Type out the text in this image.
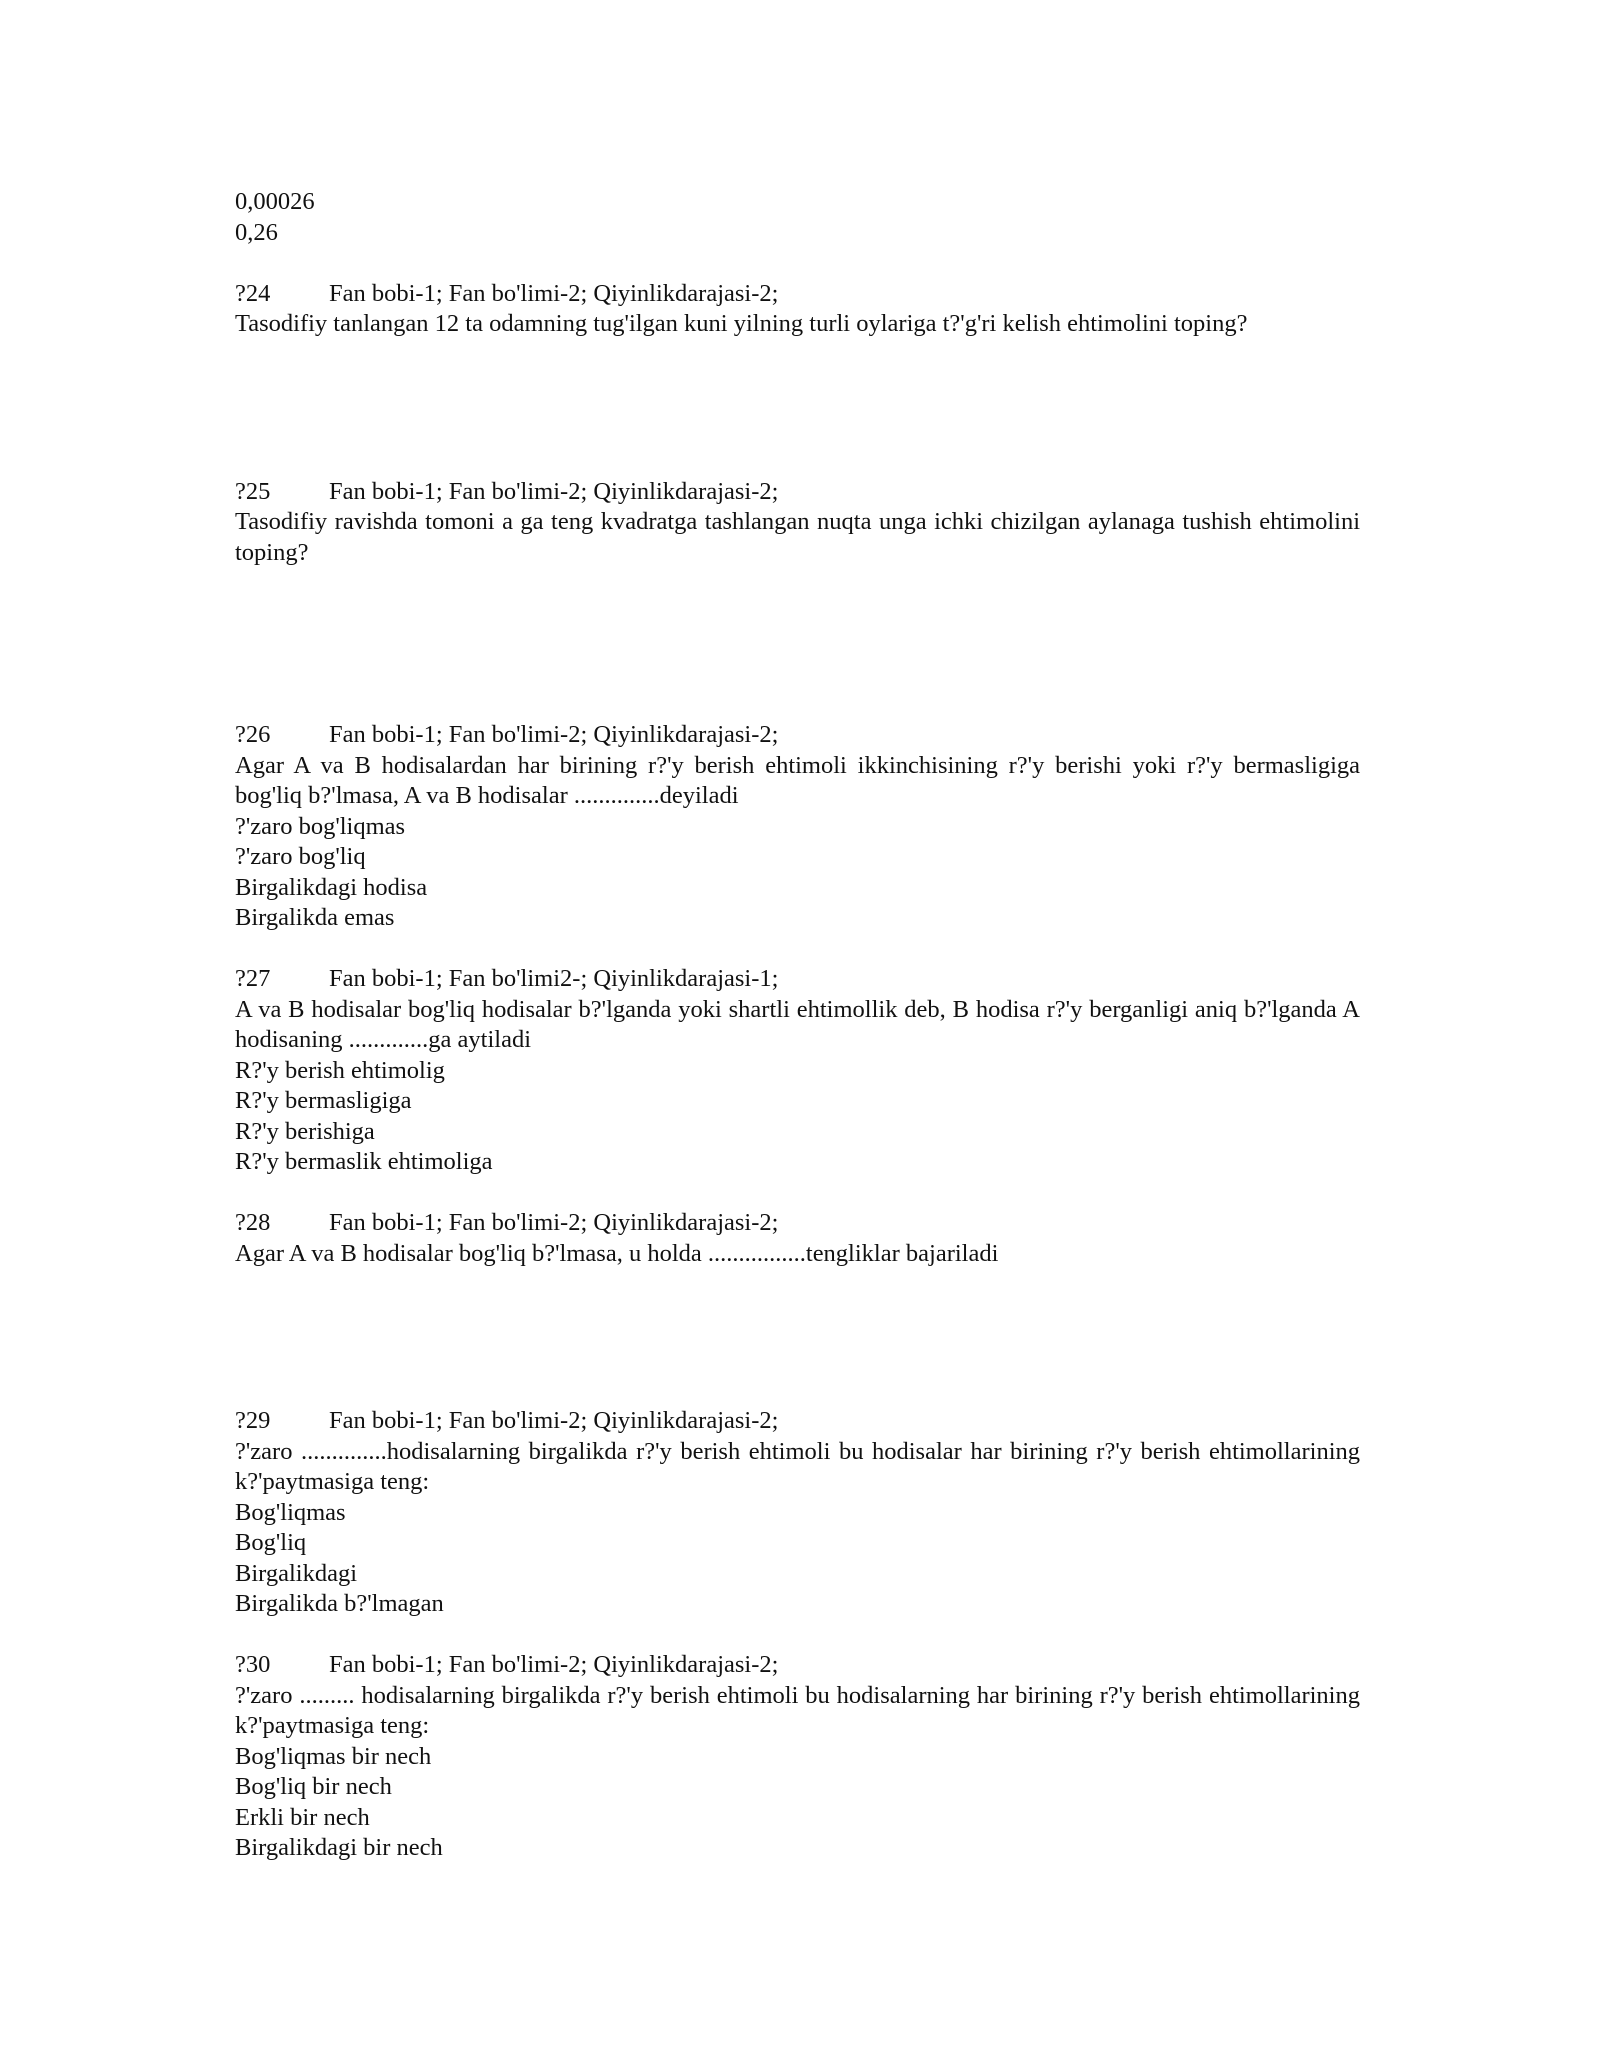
0,00026
0,26
?24	Fan bobi-1; Fan bo'limi-2; Qiyinlikdarajasi-2;
Tasodifiy tanlangan 12 ta odamning tug'ilgan kuni yilning turli oylariga t?'g'ri kelish ehtimolini toping?
?25	Fan bobi-1; Fan bo'limi-2; Qiyinlikdarajasi-2;
Tasodifiy ravishda tomoni a ga teng kvadratga tashlangan nuqta unga ichki chizilgan aylanaga tushish ehtimolini toping?
?26	Fan bobi-1; Fan bo'limi-2; Qiyinlikdarajasi-2;
Agar A va B hodisalardan har birining r?'y berish ehtimoli ikkinchisining r?'y berishi yoki r?'y bermasligiga bog'liq b?'lmasa, A va B hodisalar ..............deyiladi
?'zaro bog'liqmas
?'zaro bog'liq
Birgalikdagi hodisa
Birgalikda emas
?27	Fan bobi-1; Fan bo'limi2-; Qiyinlikdarajasi-1;
A va B hodisalar bog'liq hodisalar b?'lganda yoki shartli ehtimollik deb, B hodisa r?'y berganligi aniq b?'lganda A hodisaning .............ga aytiladi
R?'y berish ehtimolig
R?'y bermasligiga
R?'y berishiga
R?'y bermaslik ehtimoliga
?28	Fan bobi-1; Fan bo'limi-2; Qiyinlikdarajasi-2;
Agar A va B hodisalar bog'liq b?'lmasa, u holda ................tengliklar bajariladi
?29	Fan bobi-1; Fan bo'limi-2; Qiyinlikdarajasi-2;
?'zaro ..............hodisalarning birgalikda r?'y berish ehtimoli bu hodisalar har birining r?'y berish ehtimollarining k?'paytmasiga teng:
Bog'liqmas
Bog'liq
Birgalikdagi
Birgalikda b?'lmagan
?30	Fan bobi-1; Fan bo'limi-2; Qiyinlikdarajasi-2;
?'zaro ......... hodisalarning birgalikda r?'y berish ehtimoli bu hodisalarning har birining r?'y berish ehtimollarining k?'paytmasiga teng:
Bog'liqmas bir nech
Bog'liq bir nech
Erkli bir nech
Birgalikdagi bir nech
